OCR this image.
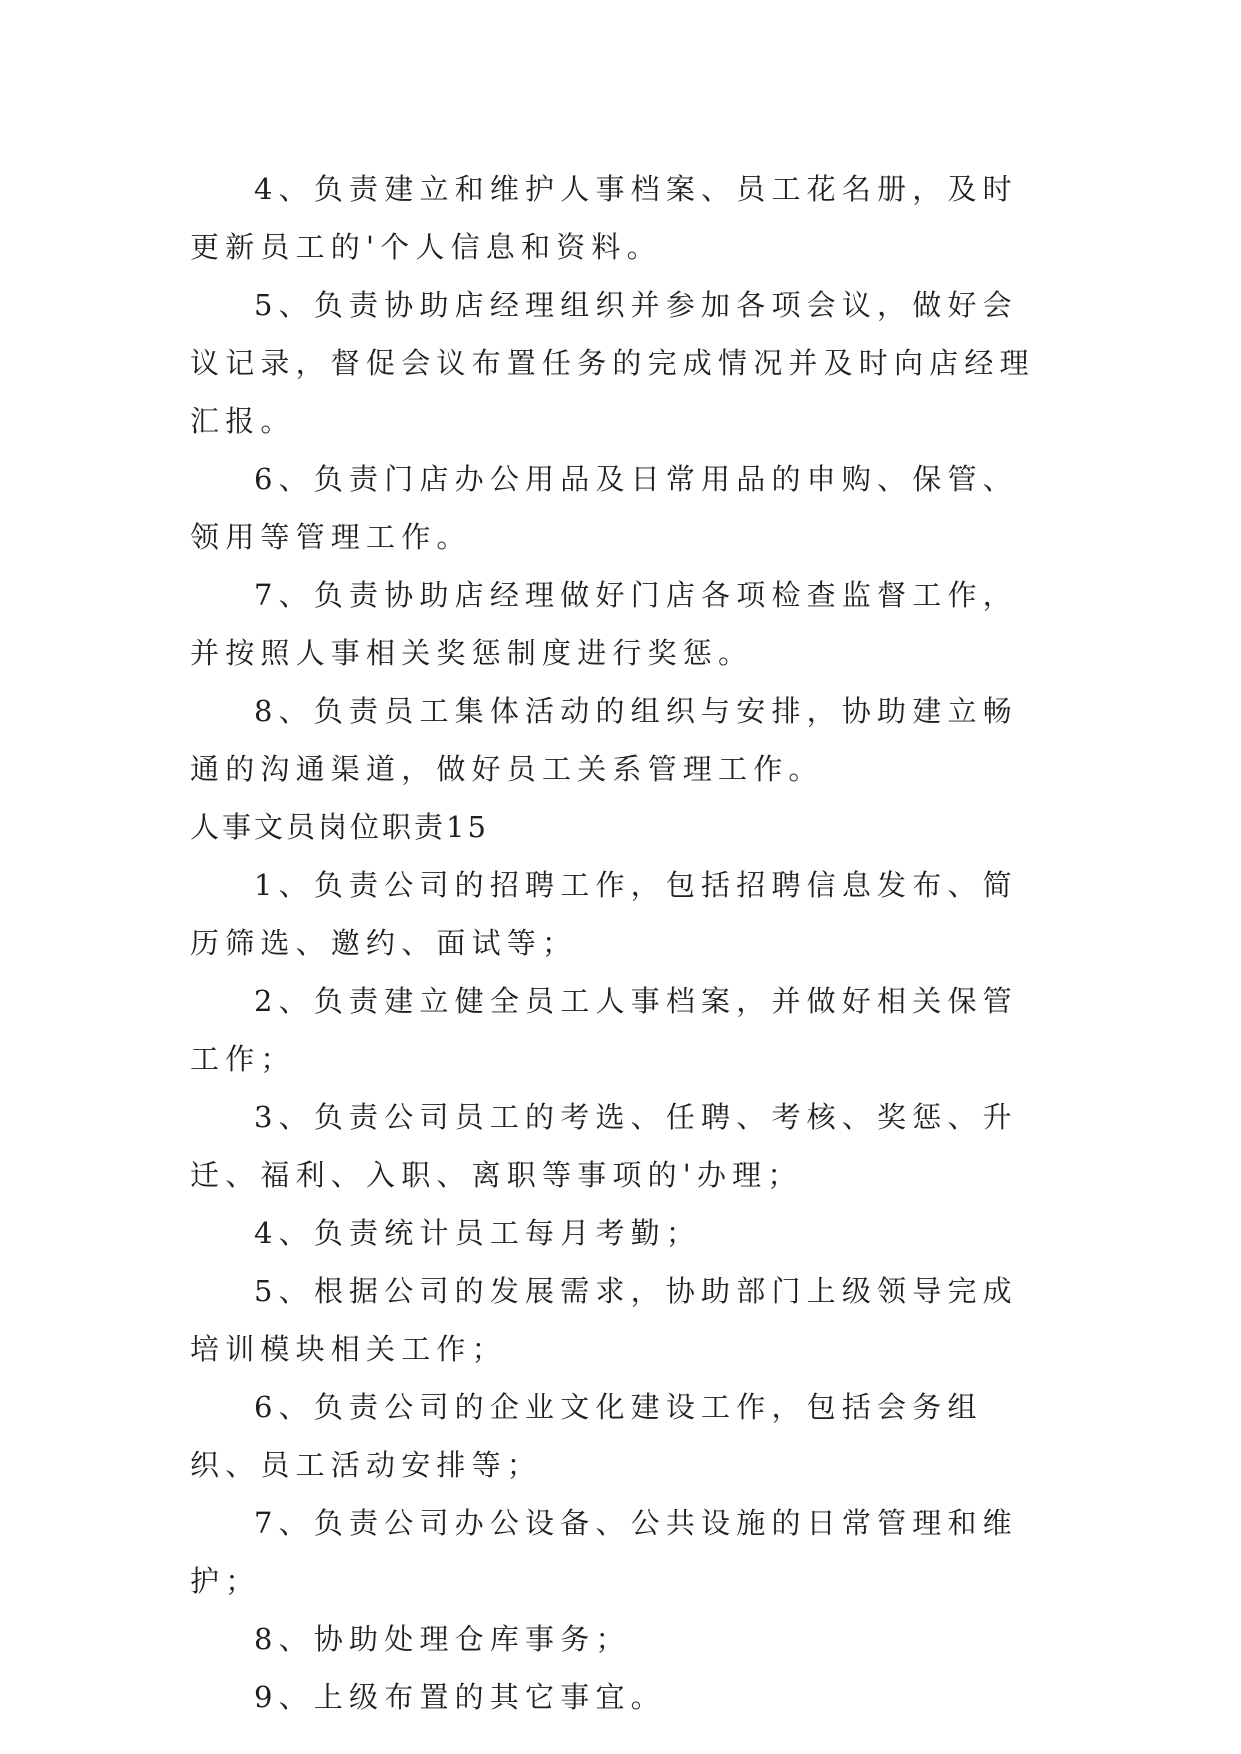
4、负责建立和维护人事档案、员工花名册，及时更新员工的'个人信息和资料。

5、负责协助店经理组织并参加各项会议，做好会议记录，督促会议布置任务的完成情况并及时向店经理汇报。

6、负责门店办公用品及日常用品的申购、保管、领用等管理工作。

7、负责协助店经理做好门店各项检查监督工作，并按照人事相关奖惩制度进行奖惩。

8、负责员工集体活动的组织与安排，协助建立畅通的沟通渠道，做好员工关系管理工作。

人事文员岗位职责15

1、负责公司的招聘工作，包括招聘信息发布、简历筛选、邀约、面试等；

2、负责建立健全员工人事档案，并做好相关保管工作；

3、负责公司员工的考选、任聘、考核、奖惩、升迁、福利、入职、离职等事项的'办理；

4、负责统计员工每月考勤；

5、根据公司的发展需求，协助部门上级领导完成培训模块相关工作；

6、负责公司的企业文化建设工作，包括会务组织、员工活动安排等；

7、负责公司办公设备、公共设施的日常管理和维护；

8、协助处理仓库事务；

9、上级布置的其它事宜。
